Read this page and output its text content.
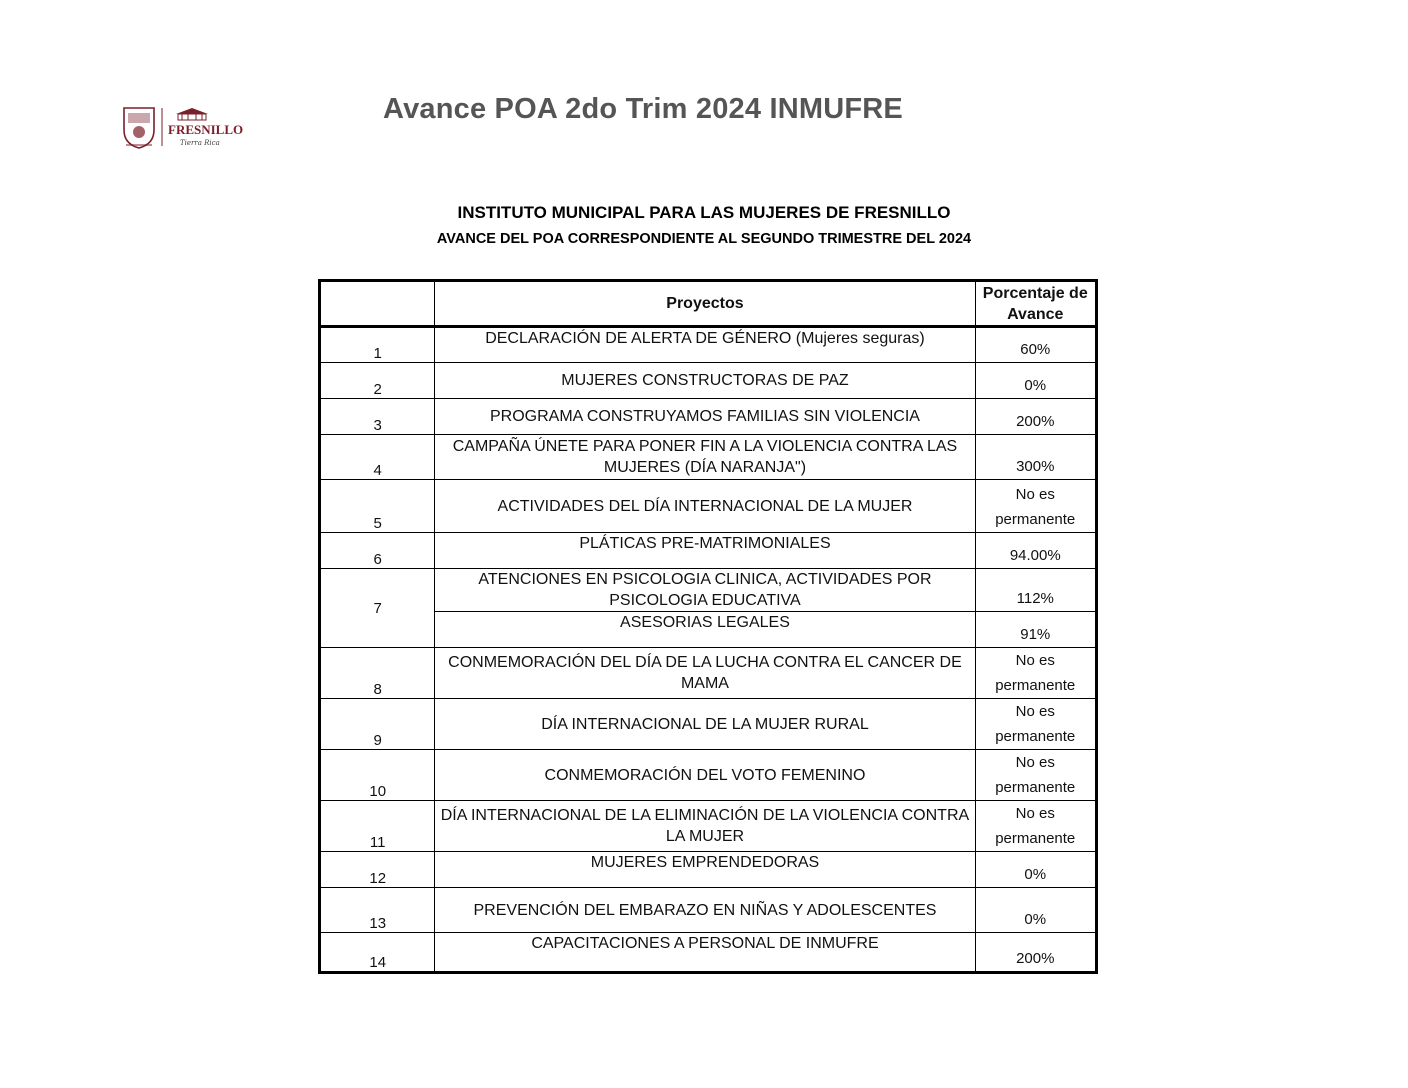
FRESNILLO
Tierra Rica
Avance POA 2do Trim 2024 INMUFRE
INSTITUTO MUNICIPAL PARA LAS MUJERES DE FRESNILLO
AVANCE DEL POA CORRESPONDIENTE AL SEGUNDO TRIMESTRE DEL 2024
	Proyectos	Porcentaje de Avance
1	DECLARACIÓN DE ALERTA DE GÉNERO (Mujeres seguras)	60%
2	MUJERES CONSTRUCTORAS DE PAZ	0%
3	PROGRAMA CONSTRUYAMOS FAMILIAS SIN VIOLENCIA	200%
4	CAMPAÑA ÚNETE PARA PONER FIN A LA VIOLENCIA CONTRA LAS MUJERES (DÍA NARANJA")	300%
5	ACTIVIDADES DEL DÍA INTERNACIONAL DE LA MUJER	No es permanente
6	PLÁTICAS PRE-MATRIMONIALES	94.00%
7	ATENCIONES EN PSICOLOGIA CLINICA, ACTIVIDADES POR PSICOLOGIA EDUCATIVA	112%
	ASESORIAS LEGALES	91%
8	CONMEMORACIÓN DEL DÍA DE LA LUCHA CONTRA EL CANCER DE MAMA	No es permanente
9	DÍA INTERNACIONAL DE LA MUJER RURAL	No es permanente
10	CONMEMORACIÓN DEL VOTO FEMENINO	No es permanente
11	DÍA INTERNACIONAL DE LA ELIMINACIÓN DE LA VIOLENCIA CONTRA LA MUJER	No es permanente
12	MUJERES EMPRENDEDORAS	0%
13	PREVENCIÓN DEL EMBARAZO EN NIÑAS Y ADOLESCENTES	0%
14	CAPACITACIONES A PERSONAL DE INMUFRE	200%
